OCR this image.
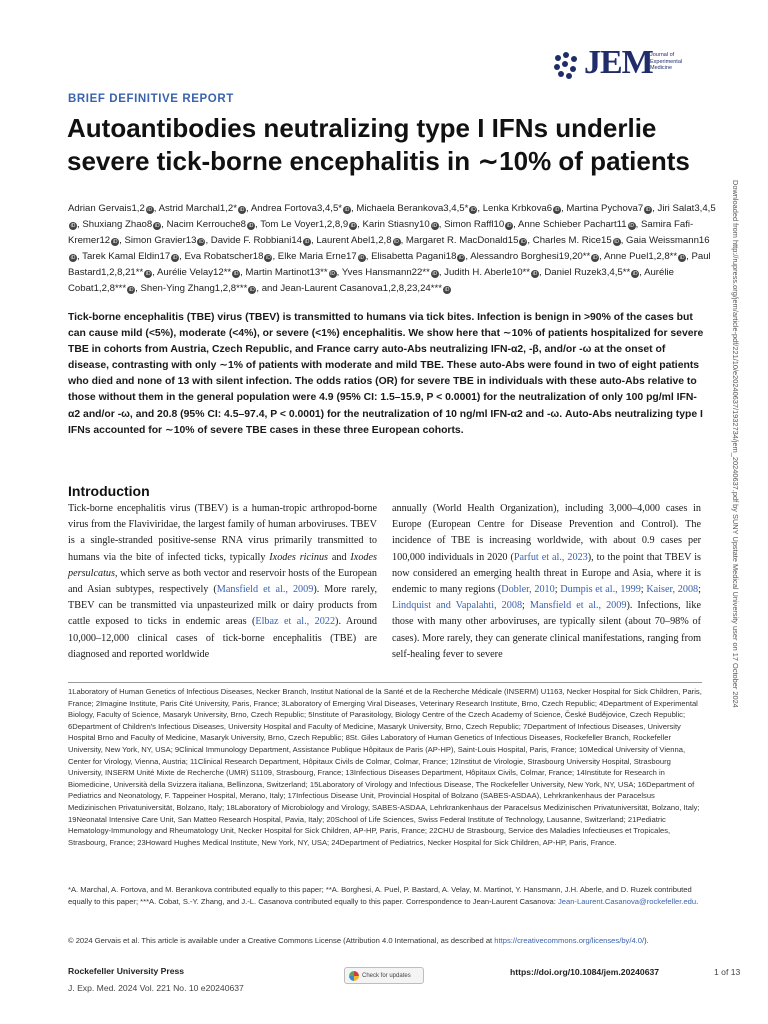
JEM
Journal of Experimental Medicine
BRIEF DEFINITIVE REPORT
Autoantibodies neutralizing type I IFNs underlie severe tick-borne encephalitis in ∼10% of patients
Adrian Gervais1,2 iD , Astrid Marchal1,2* iD , Andrea Fortova3,4,5* iD , Michaela Berankova3,4,5* iD , Lenka Krbkova6 iD , Martina Pychova7 iD , Jiri Salat3,4,5iD , Shuxiang Zhao8 iD , Nacim Kerrouche8 iD , Tom Le Voyer1,2,8,9 iD , Karin Stiasny10 iD , Simon Raffl10 iD , Anne Schieber Pachart11 iD , Samira Fafi-Kremer12 iD , Simon Gravier13 iD , Davide F. Robbiani14 iD , Laurent Abel1,2,8 iD , Margaret R. MacDonald15 iD , Charles M. Rice15 iD , Gaia Weissmann16iD , Tarek Kamal Eldin17 iD , Eva Robatscher18 iD , Elke Maria Erne17 iD , Elisabetta Pagani18 iD , Alessandro Borghesi19,20** iD , Anne Puel1,2,8** iD , Paul Bastard1,2,8,21** iD , Aurélie Velay12** iD , Martin Martinot13** iD , Yves Hansmann22** iD , Judith H. Aberle10** iD , Daniel Ruzek3,4,5** iD , Aurélie Cobat1,2,8*** iD , Shen-Ying Zhang1,2,8*** iD , and Jean-Laurent Casanova1,2,8,23,24*** iD
Tick-borne encephalitis (TBE) virus (TBEV) is transmitted to humans via tick bites. Infection is benign in >90% of the cases but can cause mild (<5%), moderate (<4%), or severe (<1%) encephalitis. We show here that ∼10% of patients hospitalized for severe TBE in cohorts from Austria, Czech Republic, and France carry auto-Abs neutralizing IFN-α2, -β, and/or -ω at the onset of disease, contrasting with only ∼1% of patients with moderate and mild TBE. These auto-Abs were found in two of eight patients who died and none of 13 with silent infection. The odds ratios (OR) for severe TBE in individuals with these auto-Abs relative to those without them in the general population were 4.9 (95% CI: 1.5–15.9, P < 0.0001) for the neutralization of only 100 pg/ml IFN-α2 and/or -ω, and 20.8 (95% CI: 4.5–97.4, P < 0.0001) for the neutralization of 10 ng/ml IFN-α2 and -ω. Auto-Abs neutralizing type I IFNs accounted for ∼10% of severe TBE cases in these three European cohorts.
Introduction

Tick-borne encephalitis virus (TBEV) is a human-tropic arthropod-borne virus from the Flaviviridae, the largest family of human arboviruses. TBEV is a single-stranded positive-sense RNA virus primarily transmitted to humans via the bite of infected ticks, typically Ixodes ricinus and Ixodes persulcatus, which serve as both vector and reservoir hosts of the European and Asian subtypes, respectively (Mansfield et al., 2009). More rarely, TBEV can be transmitted via unpasteurized milk or dairy products from cattle exposed to ticks in endemic areas (Elbaz et al., 2022). Around 10,000–12,000 clinical cases of tick-borne encephalitis (TBE) are diagnosed and reported worldwide

annually (World Health Organization), including 3,000–4,000 cases in Europe (European Centre for Disease Prevention and Control). The incidence of TBE is increasing worldwide, with about 0.9 cases per 100,000 individuals in 2020 (Parfut et al., 2023), to the point that TBEV is now considered an emerging health threat in Europe and Asia, where it is endemic to many regions (Dobler, 2010; Dumpis et al., 1999; Kaiser, 2008; Lindquist and Vapalahti, 2008; Mansfield et al., 2009). Infections, like those with many other arboviruses, are typically silent (about 70–98% of cases). More rarely, they can generate clinical manifestations, ranging from self-healing fever to severe

1Laboratory of Human Genetics of Infectious Diseases, Necker Branch, Institut National de la Santé et de la Recherche Médicale (INSERM) U1163, Necker Hospital for Sick Children, Paris, France; 2Imagine Institute, Paris Cité University, Paris, France; 3Laboratory of Emerging Viral Diseases, Veterinary Research Institute, Brno, Czech Republic; 4Department of Experimental Biology, Faculty of Science, Masaryk University, Brno, Czech Republic; 5Institute of Parasitology, Biology Centre of the Czech Academy of Science, České Budějovice, Czech Republic; 6Department of Children's Infectious Diseases, University Hospital and Faculty of Medicine, Masaryk University, Brno, Czech Republic; 7Department of Infectious Diseases, University Hospital Brno and Faculty of Medicine, Masaryk University, Brno, Czech Republic; 8St. Giles Laboratory of Human Genetics of Infectious Diseases, Rockefeller Branch, Rockefeller University, New York, NY, USA; 9Clinical Immunology Department, Assistance Publique Hôpitaux de Paris (AP-HP), Saint-Louis Hospital, Paris, France; 10Medical University of Vienna, Center for Virology, Vienna, Austria; 11Clinical Research Department, Hôpitaux Civils de Colmar, Colmar, France; 12Institut de Virologie, Strasbourg University Hospital, Strasbourg University, INSERM Unité Mixte de Recherche (UMR) S1109, Strasbourg, France; 13Infectious Diseases Department, Hôpitaux Civils, Colmar, France; 14Institute for Research in Biomedicine, Università della Svizzera italiana, Bellinzona, Switzerland; 15Laboratory of Virology and Infectious Disease, The Rockefeller University, New York, NY, USA; 16Department of Pediatrics and Neonatology, F. Tappeiner Hospital, Merano, Italy; 17Infectious Disease Unit, Provincial Hospital of Bolzano (SABES-ASDAA), Lehrkrankenhaus der Paracelsus Medizinischen Privatuniversität, Bolzano, Italy; 18Laboratory of Microbiology and Virology, SABES-ASDAA, Lehrkrankenhaus der Paracelsus Medizinischen Privatuniversität, Bolzano, Italy; 19Neonatal Intensive Care Unit, San Matteo Research Hospital, Pavia, Italy; 20School of Life Sciences, Swiss Federal Institute of Technology, Lausanne, Switzerland; 21Pediatric Hematology-Immunology and Rheumatology Unit, Necker Hospital for Sick Children, AP-HP, Paris, France; 22CHU de Strasbourg, Service des Maladies Infectieuses et Tropicales, Strasbourg, France; 23Howard Hughes Medical Institute, New York, NY, USA; 24Department of Pediatrics, Necker Hospital for Sick Children, AP-HP, Paris, France.
*A. Marchal, A. Fortova, and M. Berankova contributed equally to this paper; **A. Borghesi, A. Puel, P. Bastard, A. Velay, M. Martinot, Y. Hansmann, J.H. Aberle, and D. Ruzek contributed equally to this paper; ***A. Cobat, S.-Y. Zhang, and J.-L. Casanova contributed equally to this paper. Correspondence to Jean-Laurent Casanova: Jean-Laurent.Casanova@rockefeller.edu.
© 2024 Gervais et al. This article is available under a Creative Commons License (Attribution 4.0 International, as described at https://creativecommons.org/licenses/by/4.0/).
Rockefeller University Press
J. Exp. Med. 2024 Vol. 221 No. 10 e20240637
Check for updates	https://doi.org/10.1084/jem.20240637	1 of 13
Downloaded from http://rupress.org/jem/article-pdf/221/10/e20240637/1932734/jem_20240637.pdf by SUNY Upstate Medical University user on 17 October 2024
